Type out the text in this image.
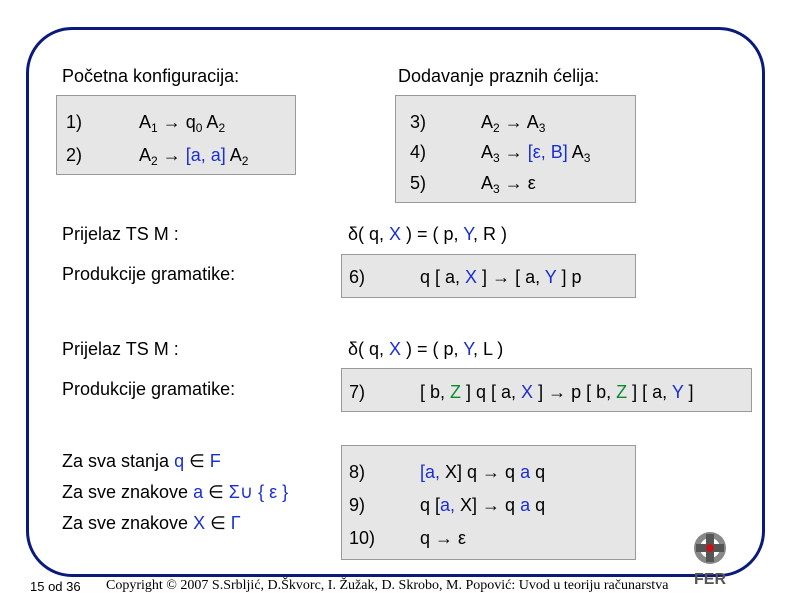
Početna konfiguracija:	Dodavanje praznih ćelija:
1)	$A_1 \to q_0$ $A_2$
2)	$A_2 \to [a$, a] $A_2$
3)	$A_2 \to A_3$
4)	$A_3 \to [\varepsilon$, B] $A_3$
5)	$A_3 \to \varepsilon$
Prijelaz TS M :	δ( q, X ) = ( p, Y, R )
Produkcije gramatike:	6)	q [ a, X ] → [ a, Y ] p
Prijelaz TS M :	δ( q, X ) = ( p, Y, L )
Produkcije gramatike:	7)	[ b, Z ] q [ a, X ] → p [ b, Z ] [ a, Y ]
Za sva stanja q ∈ F
Za sve znakove a ∈ Σ∪ { ε }
Za sve znakove X ∈ Γ
8)	[a, X] q → q a q
9)	q [a, X] → q a q
10) q → ε
15 od 36 Copyright © 2007 S.Srbljić, D.Škvorc, I. Žužak, D. Skrobo, M. Popović: Uvod u teoriju računarstva FER
